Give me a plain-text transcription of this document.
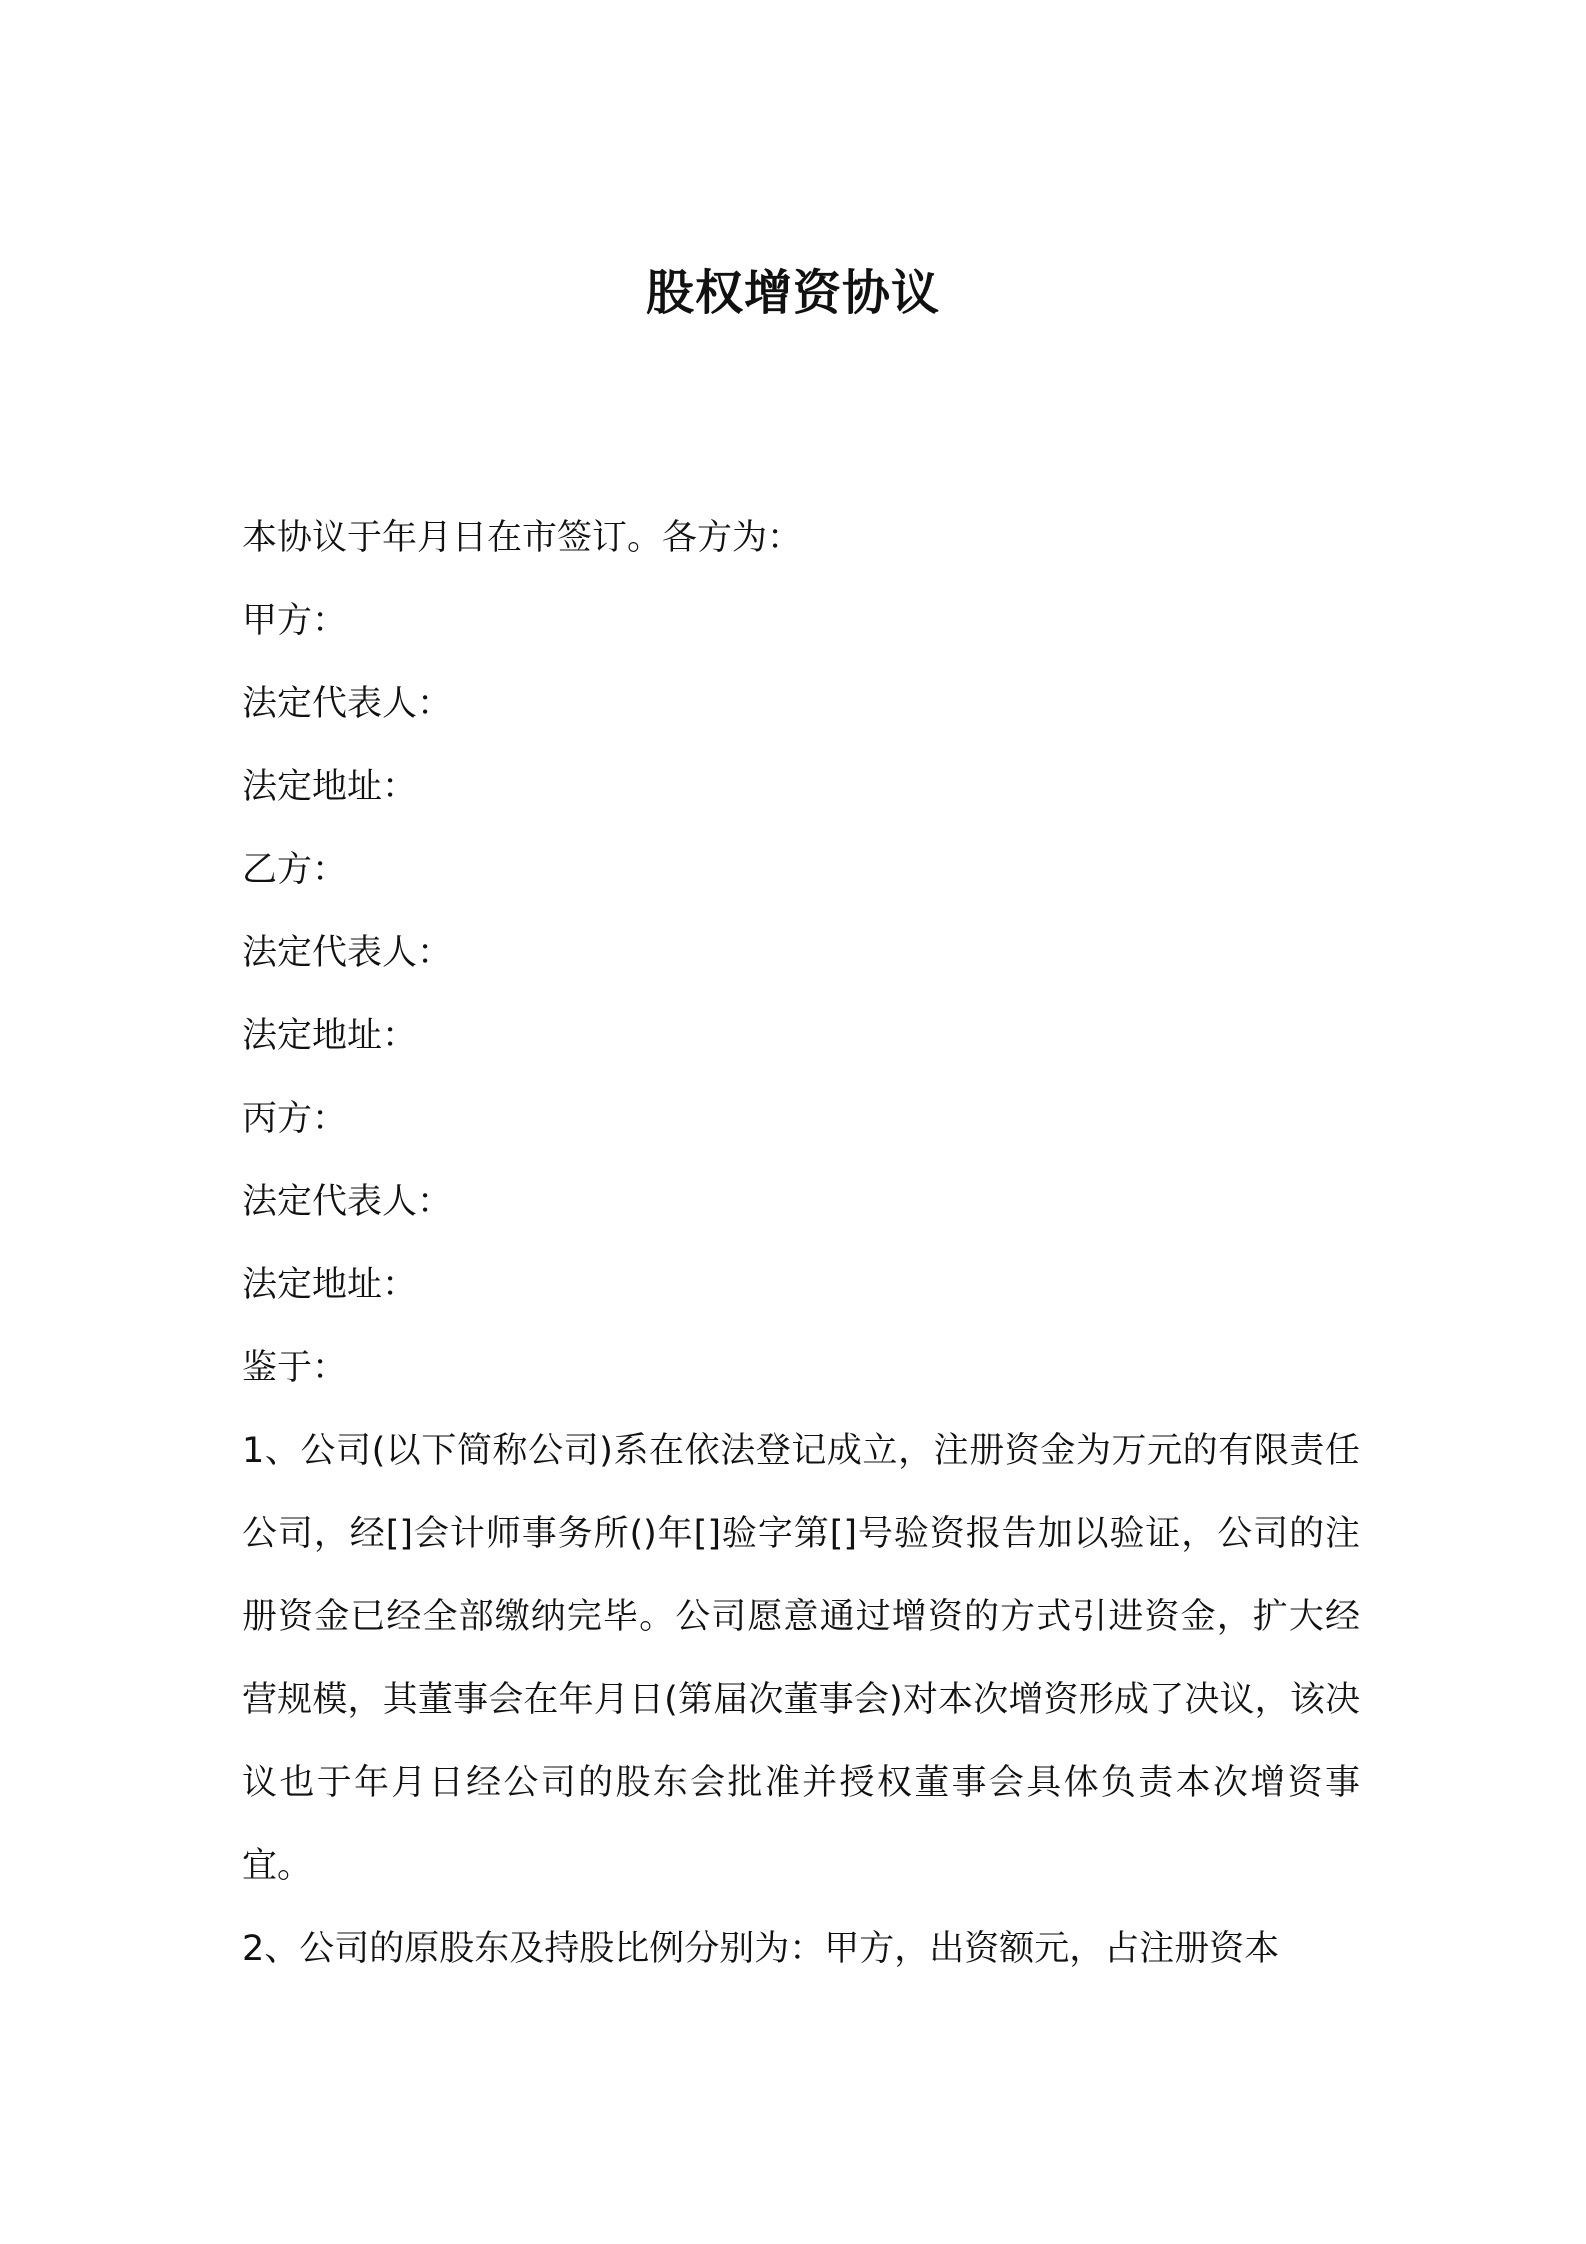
股权增资协议
本协议于年月日在市签订。各方为：
甲方：
法定代表人：
法定地址：
乙方：
法定代表人：
法定地址：
丙方：
法定代表人：
法定地址：
鉴于：
1、公司(以下简称公司)系在依法登记成立，注册资金为万元的有限责任公司，经[]会计师事务所()年[]验字第[]号验资报告加以验证，公司的注册资金已经全部缴纳完毕。公司愿意通过增资的方式引进资金，扩大经营规模，其董事会在年月日(第届次董事会)对本次增资形成了决议，该决议也于年月日经公司的股东会批准并授权董事会具体负责本次增资事宜。
2、公司的原股东及持股比例分别为：甲方，出资额元，占注册资本
